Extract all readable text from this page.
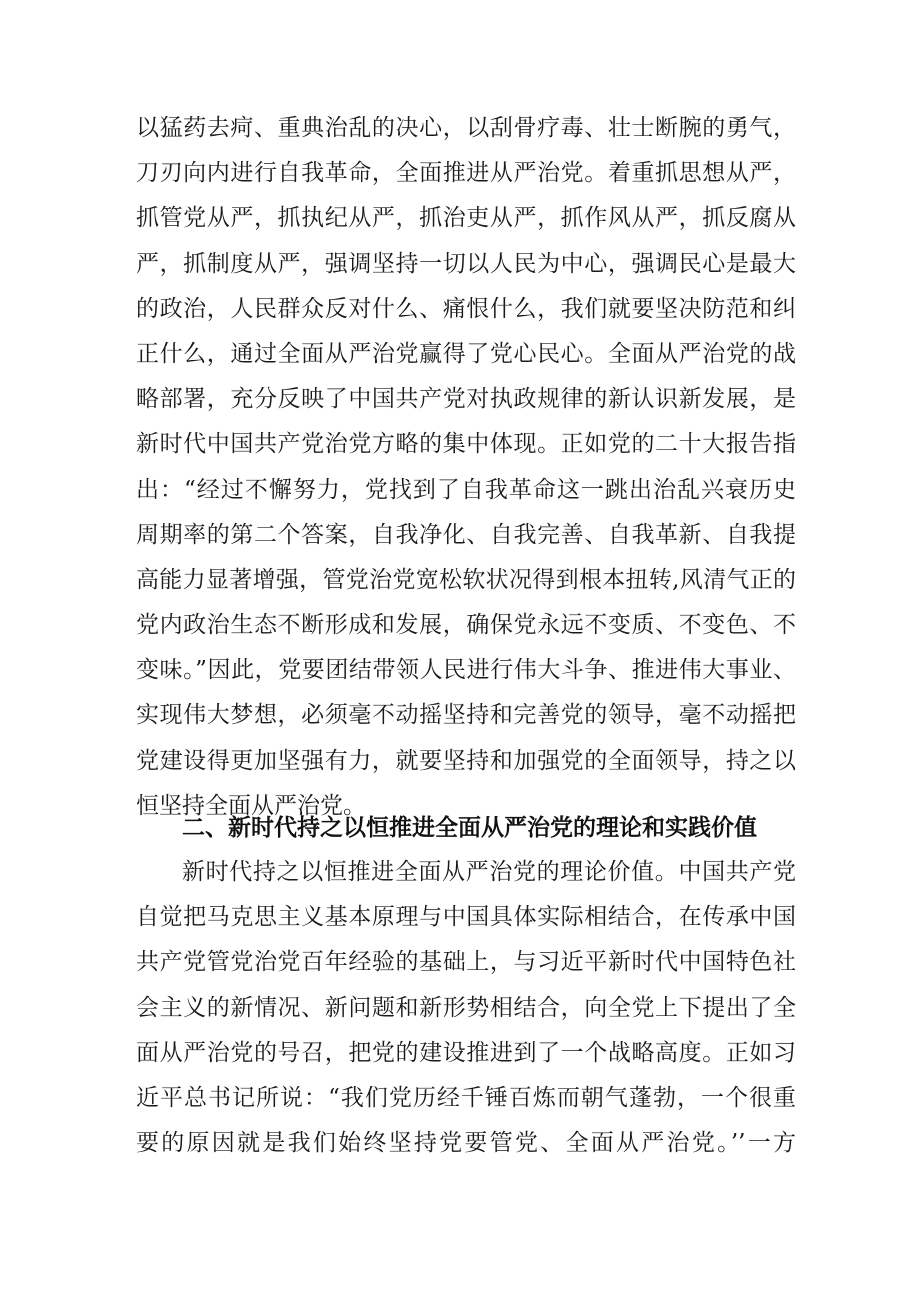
以猛药去疴、重典治乱的决心，以刮骨疗毒、壮士断腕的勇气，
刀刃向内进行自我革命，全面推进从严治党。着重抓思想从严，
抓管党从严，抓执纪从严，抓治吏从严，抓作风从严，抓反腐从
严，抓制度从严，强调坚持一切以人民为中心，强调民心是最大
的政治，人民群众反对什么、痛恨什么，我们就要坚决防范和纠
正什么，通过全面从严治党赢得了党心民心。全面从严治党的战
略部署，充分反映了中国共产党对执政规律的新认识新发展，是
新时代中国共产党治党方略的集中体现。正如党的二十大报告指
出：“经过不懈努力，党找到了自我革命这一跳出治乱兴衰历史
周期率的第二个答案，自我净化、自我完善、自我革新、自我提
高能力显著增强，管党治党宽松软状况得到根本扭转,风清气正的
党内政治生态不断形成和发展，确保党永远不变质、不变色、不
变味。”因此，党要团结带领人民进行伟大斗争、推进伟大事业、
实现伟大梦想，必须毫不动摇坚持和完善党的领导，毫不动摇把
党建设得更加坚强有力，就要坚持和加强党的全面领导，持之以
恒坚持全面从严治党。
二、新时代持之以恒推进全面从严治党的理论和实践价值
新时代持之以恒推进全面从严治党的理论价值。中国共产党
自觉把马克思主义基本原理与中国具体实际相结合，在传承中国
共产党管党治党百年经验的基础上，与习近平新时代中国特色社
会主义的新情况、新问题和新形势相结合，向全党上下提出了全
面从严治党的号召，把党的建设推进到了一个战略高度。正如习
近平总书记所说：“我们党历经千锤百炼而朝气蓬勃，一个很重
要的原因就是我们始终坚持党要管党、全面从严治党。’’一方
